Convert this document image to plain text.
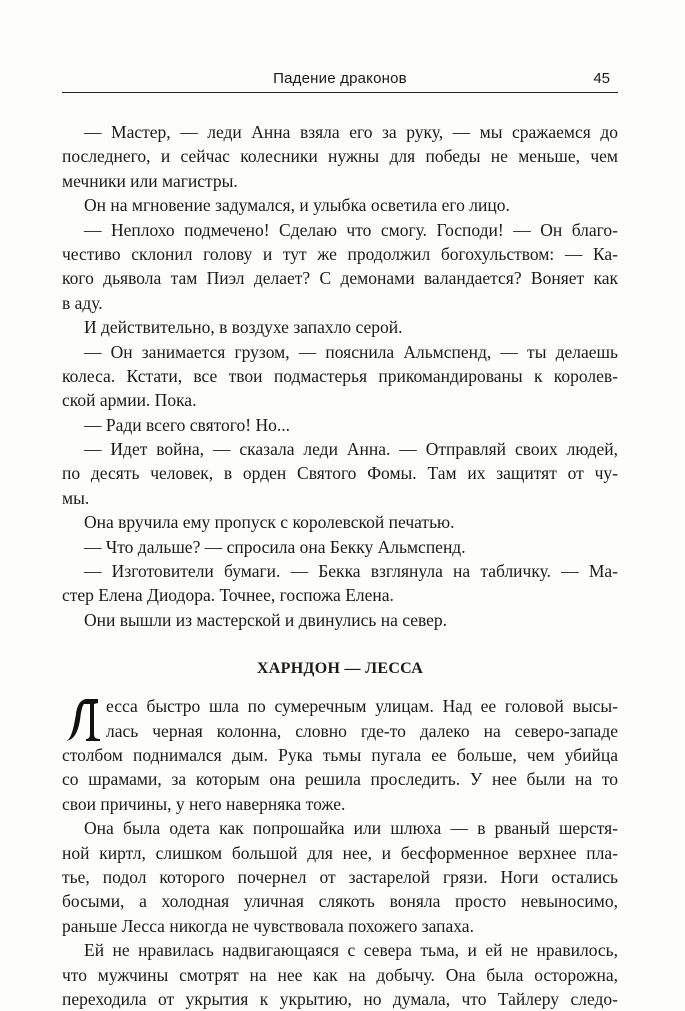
Падение драконов	45
— Мастер, — леди Анна взяла его за руку, — мы сражаемся до
последнего, и сейчас колесники нужны для победы не меньше, чем
мечники или магистры.
Он на мгновение задумался, и улыбка осветила его лицо.
— Неплохо подмечено! Сделаю что смогу. Господи! — Он благо-
честиво склонил голову и тут же продолжил богохульством: — Ка-
кого дьявола там Пиэл делает? С демонами валандается? Воняет как
в аду.
И действительно, в воздухе запахло серой.
— Он занимается грузом, — пояснила Альмспенд, — ты делаешь
колеса. Кстати, все твои подмастерья прикомандированы к королев-
ской армии. Пока.
— Ради всего святого! Но...
— Идет война, — сказала леди Анна. — Отправляй своих людей,
по десять человек, в орден Святого Фомы. Там их защитят от чу-
мы.
Она вручила ему пропуск с королевской печатью.
— Что дальше? — спросила она Бекку Альмспенд.
— Изготовители бумаги. — Бекка взглянула на табличку. — Ма-
стер Елена Диодора. Точнее, госпожа Елена.
Они вышли из мастерской и двинулись на север.
ХАРНДОН — ЛЕССА
есса быстро шла по сумеречным улицам. Над ее головой высы-
лась черная колонна, словно где-то далеко на северо-западе
столбом поднимался дым. Рука тьмы пугала ее больше, чем убийца
со шрамами, за которым она решила проследить. У нее были на то
свои причины, у него наверняка тоже.
Она была одета как попрошайка или шлюха — в рваный шерстя-
ной киртл, слишком большой для нее, и бесформенное верхнее пла-
тье, подол которого почернел от застарелой грязи. Ноги остались
босыми, а холодная уличная слякоть воняла просто невыносимо,
раньше Лесса никогда не чувствовала похожего запаха.
Ей не нравилась надвигающаяся с севера тьма, и ей не нравилось,
что мужчины смотрят на нее как на добычу. Она была осторожна,
переходила от укрытия к укрытию, но думала, что Тайлеру следо-
